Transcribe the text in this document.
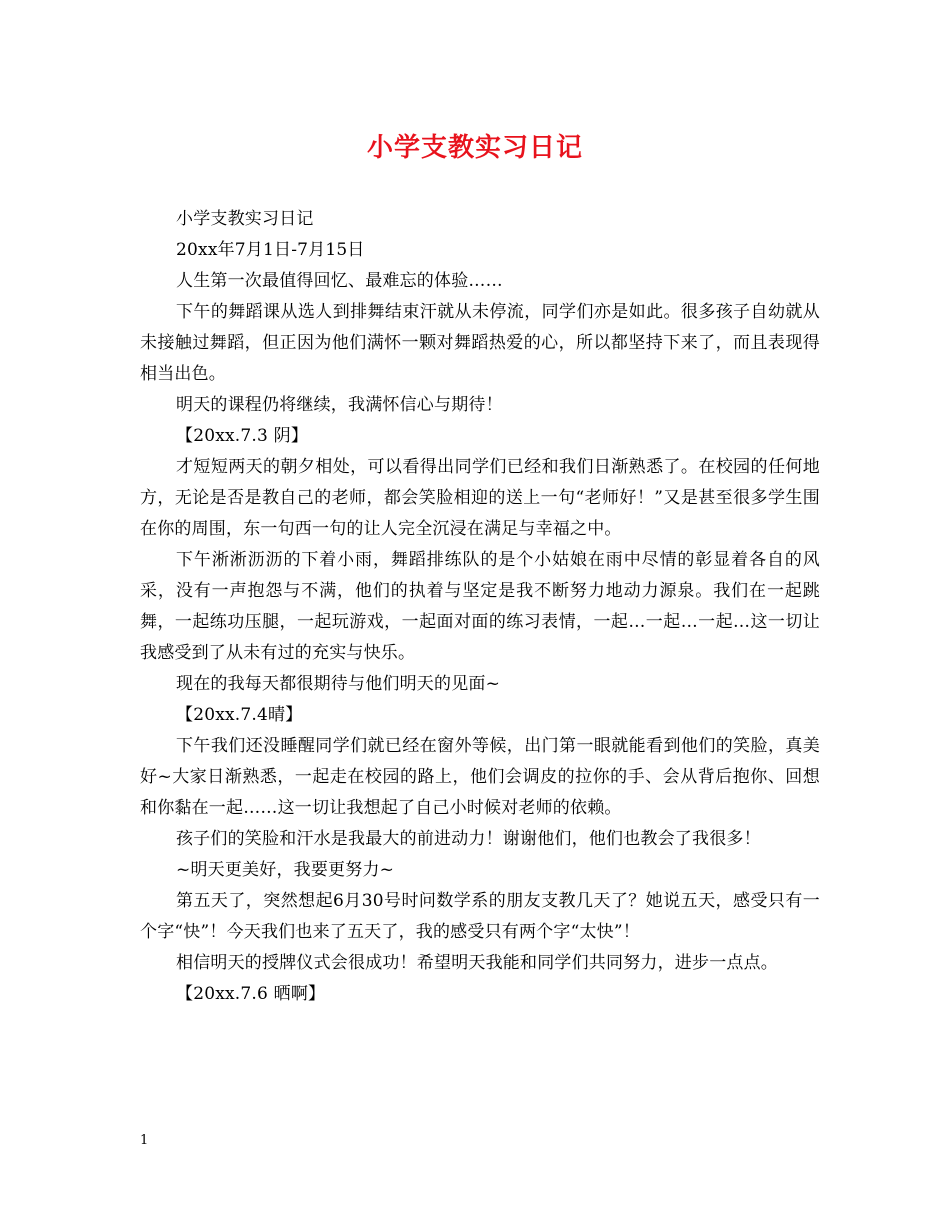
小学支教实习日记

小学支教实习日记

20xx年7月1日-7月15日

人生第一次最值得回忆、最难忘的体验……

下午的舞蹈课从选人到排舞结束汗就从未停流，同学们亦是如此。很多孩子自幼就从未接触过舞蹈，但正因为他们满怀一颗对舞蹈热爱的心，所以都坚持下来了，而且表现得相当出色。

明天的课程仍将继续，我满怀信心与期待！

【20xx.7.3 阴】

才短短两天的朝夕相处，可以看得出同学们已经和我们日渐熟悉了。在校园的任何地方，无论是否是教自己的老师，都会笑脸相迎的送上一句“老师好！”又是甚至很多学生围在你的周围，东一句西一句的让人完全沉浸在满足与幸福之中。

下午淅淅沥沥的下着小雨，舞蹈排练队的是个小姑娘在雨中尽情的彰显着各自的风采，没有一声抱怨与不满，他们的执着与坚定是我不断努力地动力源泉。我们在一起跳舞，一起练功压腿，一起玩游戏，一起面对面的练习表情，一起…一起…一起…这一切让我感受到了从未有过的充实与快乐。

现在的我每天都很期待与他们明天的见面~

【20xx.7.4晴】

下午我们还没睡醒同学们就已经在窗外等候，出门第一眼就能看到他们的笑脸，真美好~大家日渐熟悉，一起走在校园的路上，他们会调皮的拉你的手、会从背后抱你、回想和你黏在一起……这一切让我想起了自己小时候对老师的依赖。

孩子们的笑脸和汗水是我最大的前进动力！谢谢他们，他们也教会了我很多！

~明天更美好，我要更努力~

第五天了，突然想起6月30号时问数学系的朋友支教几天了？她说五天，感受只有一个字“快”！今天我们也来了五天了，我的感受只有两个字“太快”！

相信明天的授牌仪式会很成功！希望明天我能和同学们共同努力，进步一点点。

【20xx.7.6 晒啊】

1
